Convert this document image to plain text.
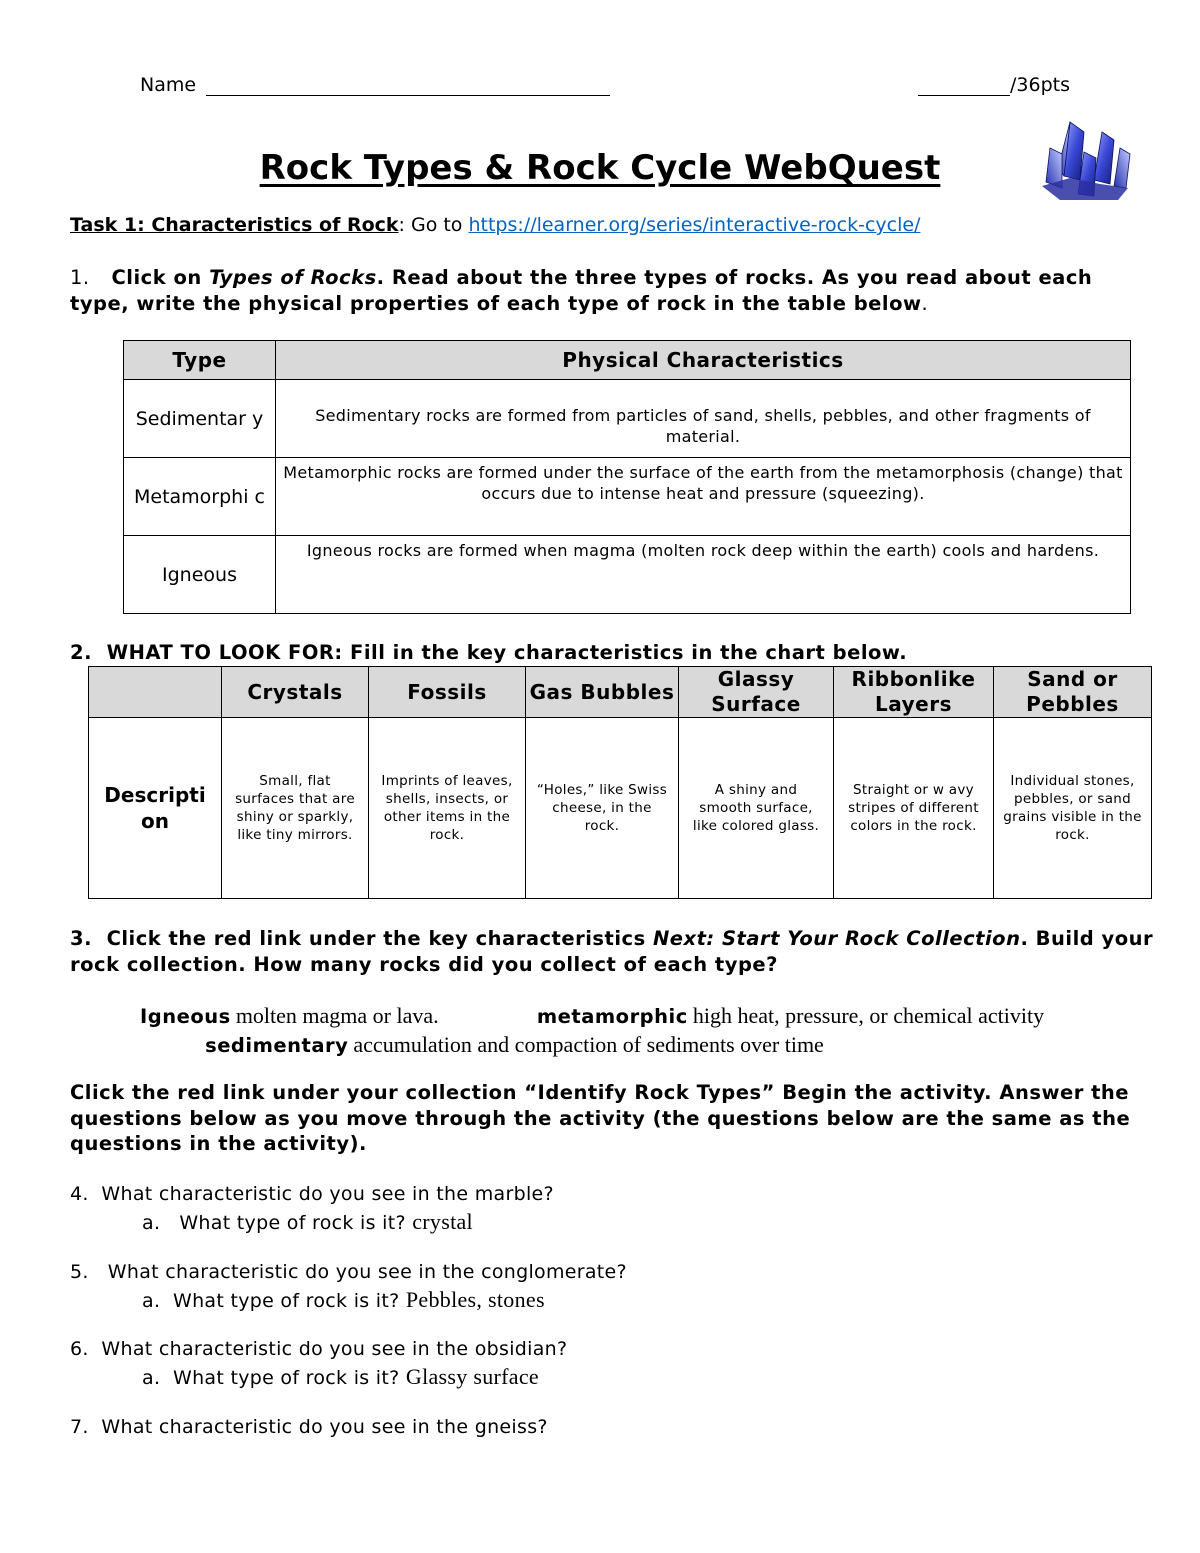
Name	/36pts
Rock Types & Rock Cycle WebQuest
Task 1: Characteristics of Rock: Go to https://learner.org/series/interactive-rock-cycle/
1. Click on Types of Rocks. Read about the three types of rocks. As you read about each type, write the physical properties of each type of rock in the table below.
Type	Physical Characteristics
Sedimentar y	Sedimentary rocks are formed from particles of sand, shells, pebbles, and other fragments of material.
Metamorphi c	Metamorphic rocks are formed under the surface of the earth from the metamorphosis (change) that occurs due to intense heat and pressure (squeezing).
Igneous	Igneous rocks are formed when magma (molten rock deep within the earth) cools and hardens.
2. WHAT TO LOOK FOR: Fill in the key characteristics in the chart below.
	Crystals	Fossils	Gas Bubbles	Glassy Surface	Ribbonlike Layers	Sand or Pebbles
Descripti on	Small, flat surfaces that are shiny or sparkly, like tiny mirrors.	Imprints of leaves, shells, insects, or other items in the rock.	“Holes,” like Swiss cheese, in the rock.	A shiny and smooth surface, like colored glass.	Straight or w avy stripes of different colors in the rock.	Individual stones, pebbles, or sand grains visible in the rock.
3. Click the red link under the key characteristics Next: Start Your Rock Collection. Build your rock collection. How many rocks did you collect of each type?
Igneous molten magma or lava.	metamorphic high heat, pressure, or chemical activity  sedimentary accumulation and compaction of sediments over time
Click the red link under your collection “Identify Rock Types” Begin the activity. Answer the questions below as you move through the activity (the questions below are the same as the questions in the activity).
4. What characteristic do you see in the marble?
a. What type of rock is it? crystal
5. What characteristic do you see in the conglomerate?
a. What type of rock is it? Pebbles, stones
6. What characteristic do you see in the obsidian?
a. What type of rock is it? Glassy surface
7. What characteristic do you see in the gneiss?
